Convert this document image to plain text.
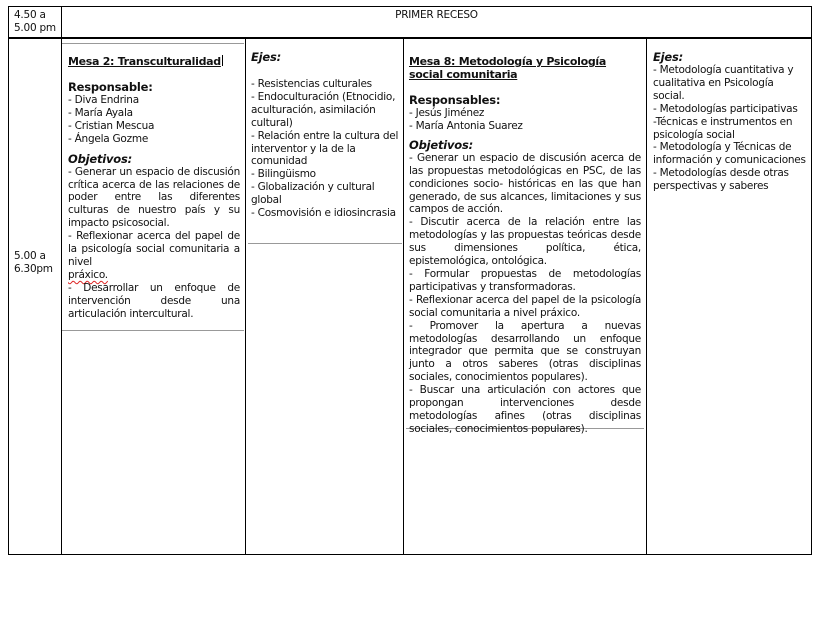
4.50 a
5.00 pm
PRIMER RECESO
5.00 a
6.30pm
Mesa 2: Transculturalidad
Responsable:
- Diva Endrina
- María Ayala
- Cristian Mescua
- Ángela Gozme
Objetivos:
- Generar un espacio de discusión crítica acerca de las relaciones de poder entre las diferentes culturas de nuestro país y su impacto psicosocial.
- Reflexionar acerca del papel de la psicología social comunitaria a nivel
práxico.
- Desarrollar un enfoque de intervención desde una articulación intercultural.
Ejes:
- Resistencias culturales
- Endoculturación (Etnocidio, aculturación, asimilación cultural)
- Relación entre la cultura del interventor y la de la comunidad
- Bilingüismo
- Globalización y cultural global
- Cosmovisión e idiosincrasia
Mesa 8: Metodología y Psicología social comunitaria
Responsables:
- Jesús Jiménez
- María Antonia Suarez
Objetivos:
- Generar un espacio de discusión acerca de las propuestas metodológicas en PSC, de las condiciones socio- históricas en las que han generado, de sus alcances, limitaciones y sus campos de acción.
- Discutir acerca de la relación entre las metodologías y las propuestas teóricas desde sus dimensiones política, ética, epistemológica, ontológica.
- Formular propuestas de metodologías participativas y transformadoras.
- Reflexionar acerca del papel de la psicología social comunitaria a nivel práxico.
- Promover la apertura a nuevas metodologías desarrollando un enfoque integrador que permita que se construyan junto a otros saberes (otras disciplinas sociales, conocimientos populares).
- Buscar una articulación con actores que propongan intervenciones desde metodologías afines (otras disciplinas sociales, conocimientos populares).
Ejes:
- Metodología cuantitativa y cualitativa en Psicología social.
- Metodologías participativas
-Técnicas e instrumentos en psicología social
- Metodología y Técnicas de información y comunicaciones
- Metodologías desde otras perspectivas y saberes
